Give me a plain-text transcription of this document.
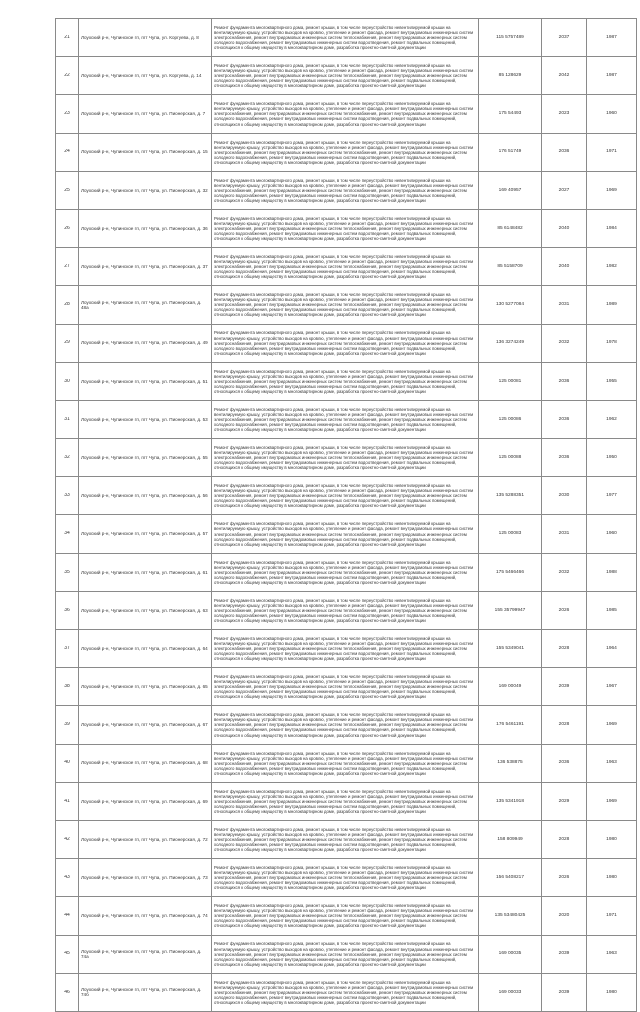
21	Лоухский р-н, Чупинское гп, пгт Чупа, ул. Коргуева, д. 8	Ремонт фундамента многоквартирного дома, ремонт крыши, в том числе переустройство невентилируемой крыши на вентилируемую крышу, устройство выходов на кровлю, утепление и ремонт фасада, ремонт внутридомовых инженерных систем электроснабжения, ремонт внутридомовых инженерных систем теплоснабжения, ремонт внутридомовых инженерных систем холодного водоснабжения, ремонт внутридомовых инженерных систем водоотведения, ремонт подвальных помещений, относящихся к общему имуществу в многоквартирном доме, разработка проектно-сметной документации	115 5757489	2037	1987

22	Лоухский р-н, Чупинское гп, пгт Чупа, ул. Коргуева, д. 14	Ремонт фундамента многоквартирного дома, ремонт крыши, в том числе переустройство невентилируемой крыши на вентилируемую крышу, устройство выходов на кровлю, утепление и ремонт фасада, ремонт внутридомовых инженерных систем электроснабжения, ремонт внутридомовых инженерных систем теплоснабжения, ремонт внутридомовых инженерных систем холодного водоснабжения, ремонт внутридомовых инженерных систем водоотведения, ремонт подвальных помещений, относящихся к общему имуществу в многоквартирном доме, разработка проектно-сметной документации	85 128629	2042	1987

23	Лоухский р-н, Чупинское гп, пгт Чупа, ул. Пионерская, д. 7	Ремонт фундамента многоквартирного дома, ремонт крыши, в том числе переустройство невентилируемой крыши на вентилируемую крышу, устройство выходов на кровлю, утепление и ремонт фасада, ремонт внутридомовых инженерных систем электроснабжения, ремонт внутридомовых инженерных систем теплоснабжения, ремонт внутридомовых инженерных систем холодного водоснабжения, ремонт внутридомовых инженерных систем водоотведения, ремонт подвальных помещений, относящихся к общему имуществу в многоквартирном доме, разработка проектно-сметной документации	175 54493	2023	1960

24	Лоухский р-н, Чупинское гп, пгт Чупа, ул. Пионерская, д. 15	Ремонт фундамента многоквартирного дома, ремонт крыши, в том числе переустройство невентилируемой крыши на вентилируемую крышу, устройство выходов на кровлю, утепление и ремонт фасада, ремонт внутридомовых инженерных систем электроснабжения, ремонт внутридомовых инженерных систем теплоснабжения, ремонт внутридомовых инженерных систем холодного водоснабжения, ремонт внутридомовых инженерных систем водоотведения, ремонт подвальных помещений, относящихся к общему имуществу в многоквартирном доме, разработка проектно-сметной документации	176 51749	2036	1971

25	Лоухский р-н, Чупинское гп, пгт Чупа, ул. Пионерская, д. 32	Ремонт фундамента многоквартирного дома, ремонт крыши, в том числе переустройство невентилируемой крыши на вентилируемую крышу, устройство выходов на кровлю, утепление и ремонт фасада, ремонт внутридомовых инженерных систем электроснабжения, ремонт внутридомовых инженерных систем теплоснабжения, ремонт внутридомовых инженерных систем холодного водоснабжения, ремонт внутридомовых инженерных систем водоотведения, ремонт подвальных помещений, относящихся к общему имуществу в многоквартирном доме, разработка проектно-сметной документации	169 40957	2027	1969

26	Лоухский р-н, Чупинское гп, пгт Чупа, ул. Пионерская, д. 36	Ремонт фундамента многоквартирного дома, ремонт крыши, в том числе переустройство невентилируемой крыши на вентилируемую крышу, устройство выходов на кровлю, утепление и ремонт фасада, ремонт внутридомовых инженерных систем электроснабжения, ремонт внутридомовых инженерных систем теплоснабжения, ремонт внутридомовых инженерных систем холодного водоснабжения, ремонт внутридомовых инженерных систем водоотведения, ремонт подвальных помещений, относящихся к общему имуществу в многоквартирном доме, разработка проектно-сметной документации	85 6148482	2040	1984

27	Лоухский р-н, Чупинское гп, пгт Чупа, ул. Пионерская, д. 37	Ремонт фундамента многоквартирного дома, ремонт крыши, в том числе переустройство невентилируемой крыши на вентилируемую крышу, устройство выходов на кровлю, утепление и ремонт фасада, ремонт внутридомовых инженерных систем электроснабжения, ремонт внутридомовых инженерных систем теплоснабжения, ремонт внутридомовых инженерных систем холодного водоснабжения, ремонт внутридомовых инженерных систем водоотведения, ремонт подвальных помещений, относящихся к общему имуществу в многоквартирном доме, разработка проектно-сметной документации	85 5158709	2040	1982

28	Лоухский р-н, Чупинское гп, пгт Чупа, ул. Пионерская, д. 48а	Ремонт фундамента многоквартирного дома, ремонт крыши, в том числе переустройство невентилируемой крыши на вентилируемую крышу, устройство выходов на кровлю, утепление и ремонт фасада, ремонт внутридомовых инженерных систем электроснабжения, ремонт внутридомовых инженерных систем теплоснабжения, ремонт внутридомовых инженерных систем холодного водоснабжения, ремонт внутридомовых инженерных систем водоотведения, ремонт подвальных помещений, относящихся к общему имуществу в многоквартирном доме, разработка проектно-сметной документации	130 5277084	2031	1989

29	Лоухский р-н, Чупинское гп, пгт Чупа, ул. Пионерская, д. 49	Ремонт фундамента многоквартирного дома, ремонт крыши, в том числе переустройство невентилируемой крыши на вентилируемую крышу, устройство выходов на кровлю, утепление и ремонт фасада, ремонт внутридомовых инженерных систем электроснабжения, ремонт внутридомовых инженерных систем теплоснабжения, ремонт внутридомовых инженерных систем холодного водоснабжения, ремонт внутридомовых инженерных систем водоотведения, ремонт подвальных помещений, относящихся к общему имуществу в многоквартирном доме, разработка проектно-сметной документации	136 3274249	2032	1978

30	Лоухский р-н, Чупинское гп, пгт Чупа, ул. Пионерская, д. 51	Ремонт фундамента многоквартирного дома, ремонт крыши, в том числе переустройство невентилируемой крыши на вентилируемую крышу, устройство выходов на кровлю, утепление и ремонт фасада, ремонт внутридомовых инженерных систем электроснабжения, ремонт внутридомовых инженерных систем теплоснабжения, ремонт внутридомовых инженерных систем холодного водоснабжения, ремонт внутридомовых инженерных систем водоотведения, ремонт подвальных помещений, относящихся к общему имуществу в многоквартирном доме, разработка проектно-сметной документации	125 00081	2036	1955

31	Лоухский р-н, Чупинское гп, пгт Чупа, ул. Пионерская, д. 53	Ремонт фундамента многоквартирного дома, ремонт крыши, в том числе переустройство невентилируемой крыши на вентилируемую крышу, устройство выходов на кровлю, утепление и ремонт фасада, ремонт внутридомовых инженерных систем электроснабжения, ремонт внутридомовых инженерных систем теплоснабжения, ремонт внутридомовых инженерных систем холодного водоснабжения, ремонт внутридомовых инженерных систем водоотведения, ремонт подвальных помещений, относящихся к общему имуществу в многоквартирном доме, разработка проектно-сметной документации	125 00086	2036	1962

32	Лоухский р-н, Чупинское гп, пгт Чупа, ул. Пионерская, д. 55	Ремонт фундамента многоквартирного дома, ремонт крыши, в том числе переустройство невентилируемой крыши на вентилируемую крышу, устройство выходов на кровлю, утепление и ремонт фасада, ремонт внутридомовых инженерных систем электроснабжения, ремонт внутридомовых инженерных систем теплоснабжения, ремонт внутридомовых инженерных систем холодного водоснабжения, ремонт внутридомовых инженерных систем водоотведения, ремонт подвальных помещений, относящихся к общему имуществу в многоквартирном доме, разработка проектно-сметной документации	125 00088	2036	1950

33	Лоухский р-н, Чупинское гп, пгт Чупа, ул. Пионерская, д. 56	Ремонт фундамента многоквартирного дома, ремонт крыши, в том числе переустройство невентилируемой крыши на вентилируемую крышу, устройство выходов на кровлю, утепление и ремонт фасада, ремонт внутридомовых инженерных систем электроснабжения, ремонт внутридомовых инженерных систем теплоснабжения, ремонт внутридомовых инженерных систем холодного водоснабжения, ремонт внутридомовых инженерных систем водоотведения, ремонт подвальных помещений, относящихся к общему имуществу в многоквартирном доме, разработка проектно-сметной документации	135 5288351	2030	1977

34	Лоухский р-н, Чупинское гп, пгт Чупа, ул. Пионерская, д. 57	Ремонт фундамента многоквартирного дома, ремонт крыши, в том числе переустройство невентилируемой крыши на вентилируемую крышу, устройство выходов на кровлю, утепление и ремонт фасада, ремонт внутридомовых инженерных систем электроснабжения, ремонт внутридомовых инженерных систем теплоснабжения, ремонт внутридомовых инженерных систем холодного водоснабжения, ремонт внутридомовых инженерных систем водоотведения, ремонт подвальных помещений, относящихся к общему имуществу в многоквартирном доме, разработка проектно-сметной документации	125 00083	2031	1960

35	Лоухский р-н, Чупинское гп, пгт Чупа, ул. Пионерская, д. 61	Ремонт фундамента многоквартирного дома, ремонт крыши, в том числе переустройство невентилируемой крыши на вентилируемую крышу, устройство выходов на кровлю, утепление и ремонт фасада, ремонт внутридомовых инженерных систем электроснабжения, ремонт внутридомовых инженерных систем теплоснабжения, ремонт внутридомовых инженерных систем холодного водоснабжения, ремонт внутридомовых инженерных систем водоотведения, ремонт подвальных помещений, относящихся к общему имуществу в многоквартирном доме, разработка проектно-сметной документации	175 5466466	2032	1988

36	Лоухский р-н, Чупинское гп, пгт Чупа, ул. Пионерская, д. 63	Ремонт фундамента многоквартирного дома, ремонт крыши, в том числе переустройство невентилируемой крыши на вентилируемую крышу, устройство выходов на кровлю, утепление и ремонт фасада, ремонт внутридомовых инженерных систем электроснабжения, ремонт внутридомовых инженерных систем теплоснабжения, ремонт внутридомовых инженерных систем холодного водоснабжения, ремонт внутридомовых инженерных систем водоотведения, ремонт подвальных помещений, относящихся к общему имуществу в многоквартирном доме, разработка проектно-сметной документации	155 35799947	2026	1985

37	Лоухский р-н, Чупинское гп, пгт Чупа, ул. Пионерская, д. 64	Ремонт фундамента многоквартирного дома, ремонт крыши, в том числе переустройство невентилируемой крыши на вентилируемую крышу, устройство выходов на кровлю, утепление и ремонт фасада, ремонт внутридомовых инженерных систем электроснабжения, ремонт внутридомовых инженерных систем теплоснабжения, ремонт внутридомовых инженерных систем холодного водоснабжения, ремонт внутридомовых инженерных систем водоотведения, ремонт подвальных помещений, относящихся к общему имуществу в многоквартирном доме, разработка проектно-сметной документации	155 5349041	2028	1964

38	Лоухский р-н, Чупинское гп, пгт Чупа, ул. Пионерская, д. 65	Ремонт фундамента многоквартирного дома, ремонт крыши, в том числе переустройство невентилируемой крыши на вентилируемую крышу, устройство выходов на кровлю, утепление и ремонт фасада, ремонт внутридомовых инженерных систем электроснабжения, ремонт внутридомовых инженерных систем теплоснабжения, ремонт внутридомовых инженерных систем холодного водоснабжения, ремонт внутридомовых инженерных систем водоотведения, ремонт подвальных помещений, относящихся к общему имуществу в многоквартирном доме, разработка проектно-сметной документации	169 00049	2039	1967

39	Лоухский р-н, Чупинское гп, пгт Чупа, ул. Пионерская, д. 67	Ремонт фундамента многоквартирного дома, ремонт крыши, в том числе переустройство невентилируемой крыши на вентилируемую крышу, устройство выходов на кровлю, утепление и ремонт фасада, ремонт внутридомовых инженерных систем электроснабжения, ремонт внутридомовых инженерных систем теплоснабжения, ремонт внутридомовых инженерных систем холодного водоснабжения, ремонт внутридомовых инженерных систем водоотведения, ремонт подвальных помещений, относящихся к общему имуществу в многоквартирном доме, разработка проектно-сметной документации	176 5461191	2028	1969

40	Лоухский р-н, Чупинское гп, пгт Чупа, ул. Пионерская, д. 68	Ремонт фундамента многоквартирного дома, ремонт крыши, в том числе переустройство невентилируемой крыши на вентилируемую крышу, устройство выходов на кровлю, утепление и ремонт фасада, ремонт внутридомовых инженерных систем электроснабжения, ремонт внутридомовых инженерных систем теплоснабжения, ремонт внутридомовых инженерных систем холодного водоснабжения, ремонт внутридомовых инженерных систем водоотведения, ремонт подвальных помещений, относящихся к общему имуществу в многоквартирном доме, разработка проектно-сметной документации	136 538875	2036	1963

41	Лоухский р-н, Чупинское гп, пгт Чупа, ул. Пионерская, д. 69	Ремонт фундамента многоквартирного дома, ремонт крыши, в том числе переустройство невентилируемой крыши на вентилируемую крышу, устройство выходов на кровлю, утепление и ремонт фасада, ремонт внутридомовых инженерных систем электроснабжения, ремонт внутридомовых инженерных систем теплоснабжения, ремонт внутридомовых инженерных систем холодного водоснабжения, ремонт внутридомовых инженерных систем водоотведения, ремонт подвальных помещений, относящихся к общему имуществу в многоквартирном доме, разработка проектно-сметной документации	135 5341918	2029	1969

42	Лоухский р-н, Чупинское гп, пгт Чупа, ул. Пионерская, д. 72	Ремонт фундамента многоквартирного дома, ремонт крыши, в том числе переустройство невентилируемой крыши на вентилируемую крышу, устройство выходов на кровлю, утепление и ремонт фасада, ремонт внутридомовых инженерных систем электроснабжения, ремонт внутридомовых инженерных систем теплоснабжения, ремонт внутридомовых инженерных систем холодного водоснабжения, ремонт внутридомовых инженерных систем водоотведения, ремонт подвальных помещений, относящихся к общему имуществу в многоквартирном доме, разработка проектно-сметной документации	158 809949	2028	1980

43	Лоухский р-н, Чупинское гп, пгт Чупа, ул. Пионерская, д. 73	Ремонт фундамента многоквартирного дома, ремонт крыши, в том числе переустройство невентилируемой крыши на вентилируемую крышу, устройство выходов на кровлю, утепление и ремонт фасада, ремонт внутридомовых инженерных систем электроснабжения, ремонт внутридомовых инженерных систем теплоснабжения, ремонт внутридомовых инженерных систем холодного водоснабжения, ремонт внутридомовых инженерных систем водоотведения, ремонт подвальных помещений, относящихся к общему имуществу в многоквартирном доме, разработка проектно-сметной документации	156 5408217	2026	1980

44	Лоухский р-н, Чупинское гп, пгт Чупа, ул. Пионерская, д. 74	Ремонт фундамента многоквартирного дома, ремонт крыши, в том числе переустройство невентилируемой крыши на вентилируемую крышу, устройство выходов на кровлю, утепление и ремонт фасада, ремонт внутридомовых инженерных систем электроснабжения, ремонт внутридомовых инженерных систем теплоснабжения, ремонт внутридомовых инженерных систем холодного водоснабжения, ремонт внутридомовых инженерных систем водоотведения, ремонт подвальных помещений, относящихся к общему имуществу в многоквартирном доме, разработка проектно-сметной документации	135 53480425	2020	1971

45	Лоухский р-н, Чупинское гп, пгт Чупа, ул. Пионерская, д. 74а	Ремонт фундамента многоквартирного дома, ремонт крыши, в том числе переустройство невентилируемой крыши на вентилируемую крышу, устройство выходов на кровлю, утепление и ремонт фасада, ремонт внутридомовых инженерных систем электроснабжения, ремонт внутридомовых инженерных систем теплоснабжения, ремонт внутридомовых инженерных систем холодного водоснабжения, ремонт внутридомовых инженерных систем водоотведения, ремонт подвальных помещений, относящихся к общему имуществу в многоквартирном доме, разработка проектно-сметной документации	169 00035	2039	1963

46	Лоухский р-н, Чупинское гп, пгт Чупа, ул. Пионерская, д. 74б	Ремонт фундамента многоквартирного дома, ремонт крыши, в том числе переустройство невентилируемой крыши на вентилируемую крышу, устройство выходов на кровлю, утепление и ремонт фасада, ремонт внутридомовых инженерных систем электроснабжения, ремонт внутридомовых инженерных систем теплоснабжения, ремонт внутридомовых инженерных систем холодного водоснабжения, ремонт внутридомовых инженерных систем водоотведения, ремонт подвальных помещений, относящихся к общему имуществу в многоквартирном доме, разработка проектно-сметной документации	169 00033	2039	1980
